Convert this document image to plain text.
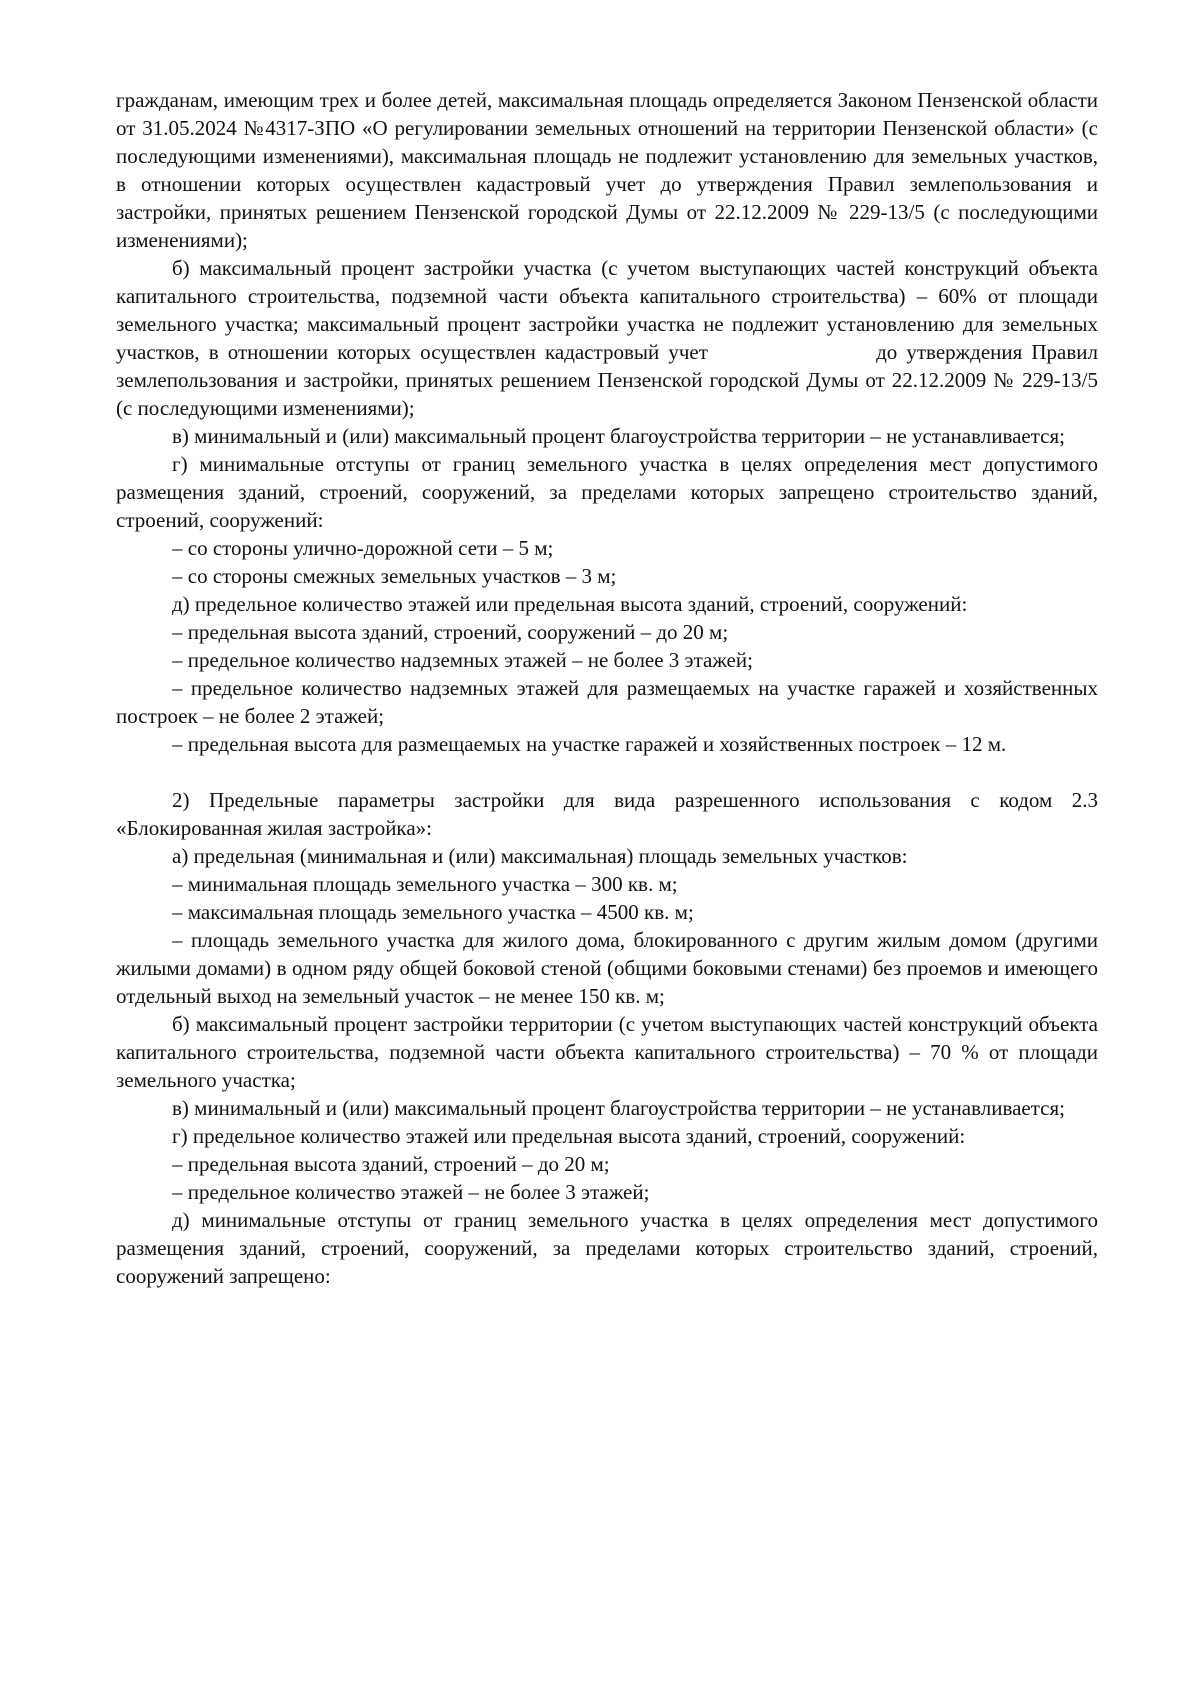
гражданам, имеющим трех и более детей, максимальная площадь определяется Законом Пензенской области от 31.05.2024 №4317-ЗПО «О регулировании земельных отношений на территории Пензенской области» (с последующими изменениями), максимальная площадь не подлежит установлению для земельных участков, в отношении которых осуществлен кадастровый учет до утверждения Правил землепользования и застройки, принятых решением Пензенской городской Думы от 22.12.2009 № 229-13/5 (с последующими изменениями);

б) максимальный процент застройки участка (с учетом выступающих частей конструкций объекта капитального строительства, подземной части объекта капитального строительства) – 60% от площади земельного участка; максимальный процент застройки участка не подлежит установлению для земельных участков, в отношении которых осуществлен кадастровый учет	до утверждения Правил землепользования и застройки, принятых решением Пензенской городской Думы от 22.12.2009 № 229-13/5 (с последующими изменениями);

в) минимальный и (или) максимальный процент благоустройства территории – не устанавливается;

г) минимальные отступы от границ земельного участка в целях определения мест допустимого размещения зданий, строений, сооружений, за пределами которых запрещено строительство зданий, строений, сооружений:

– со стороны улично-дорожной сети – 5 м;

– со стороны смежных земельных участков – 3 м;

д) предельное количество этажей или предельная высота зданий, строений, сооружений:

– предельная высота зданий, строений, сооружений – до 20 м;

– предельное количество надземных этажей – не более 3 этажей;

– предельное количество надземных этажей для размещаемых на участке гаражей и хозяйственных построек – не более 2 этажей;

– предельная высота для размещаемых на участке гаражей и хозяйственных построек – 12 м.

2) Предельные параметры застройки для вида разрешенного использования с кодом 2.3 «Блокированная жилая застройка»:

а) предельная (минимальная и (или) максимальная) площадь земельных участков:

– минимальная площадь земельного участка – 300 кв. м;

– максимальная площадь земельного участка – 4500 кв. м;

– площадь земельного участка для жилого дома, блокированного с другим жилым домом (другими жилыми домами) в одном ряду общей боковой стеной (общими боковыми стенами) без проемов и имеющего отдельный выход на земельный участок – не менее 150 кв. м;

б) максимальный процент застройки территории (с учетом выступающих частей конструкций объекта капитального строительства, подземной части объекта капитального строительства) – 70 % от площади земельного участка;

в) минимальный и (или) максимальный процент благоустройства территории – не устанавливается;

г) предельное количество этажей или предельная высота зданий, строений, сооружений:

– предельная высота зданий, строений – до 20 м;

– предельное количество этажей – не более 3 этажей;

д) минимальные отступы от границ земельного участка в целях определения мест допустимого размещения зданий, строений, сооружений, за пределами которых строительство зданий, строений, сооружений запрещено:
